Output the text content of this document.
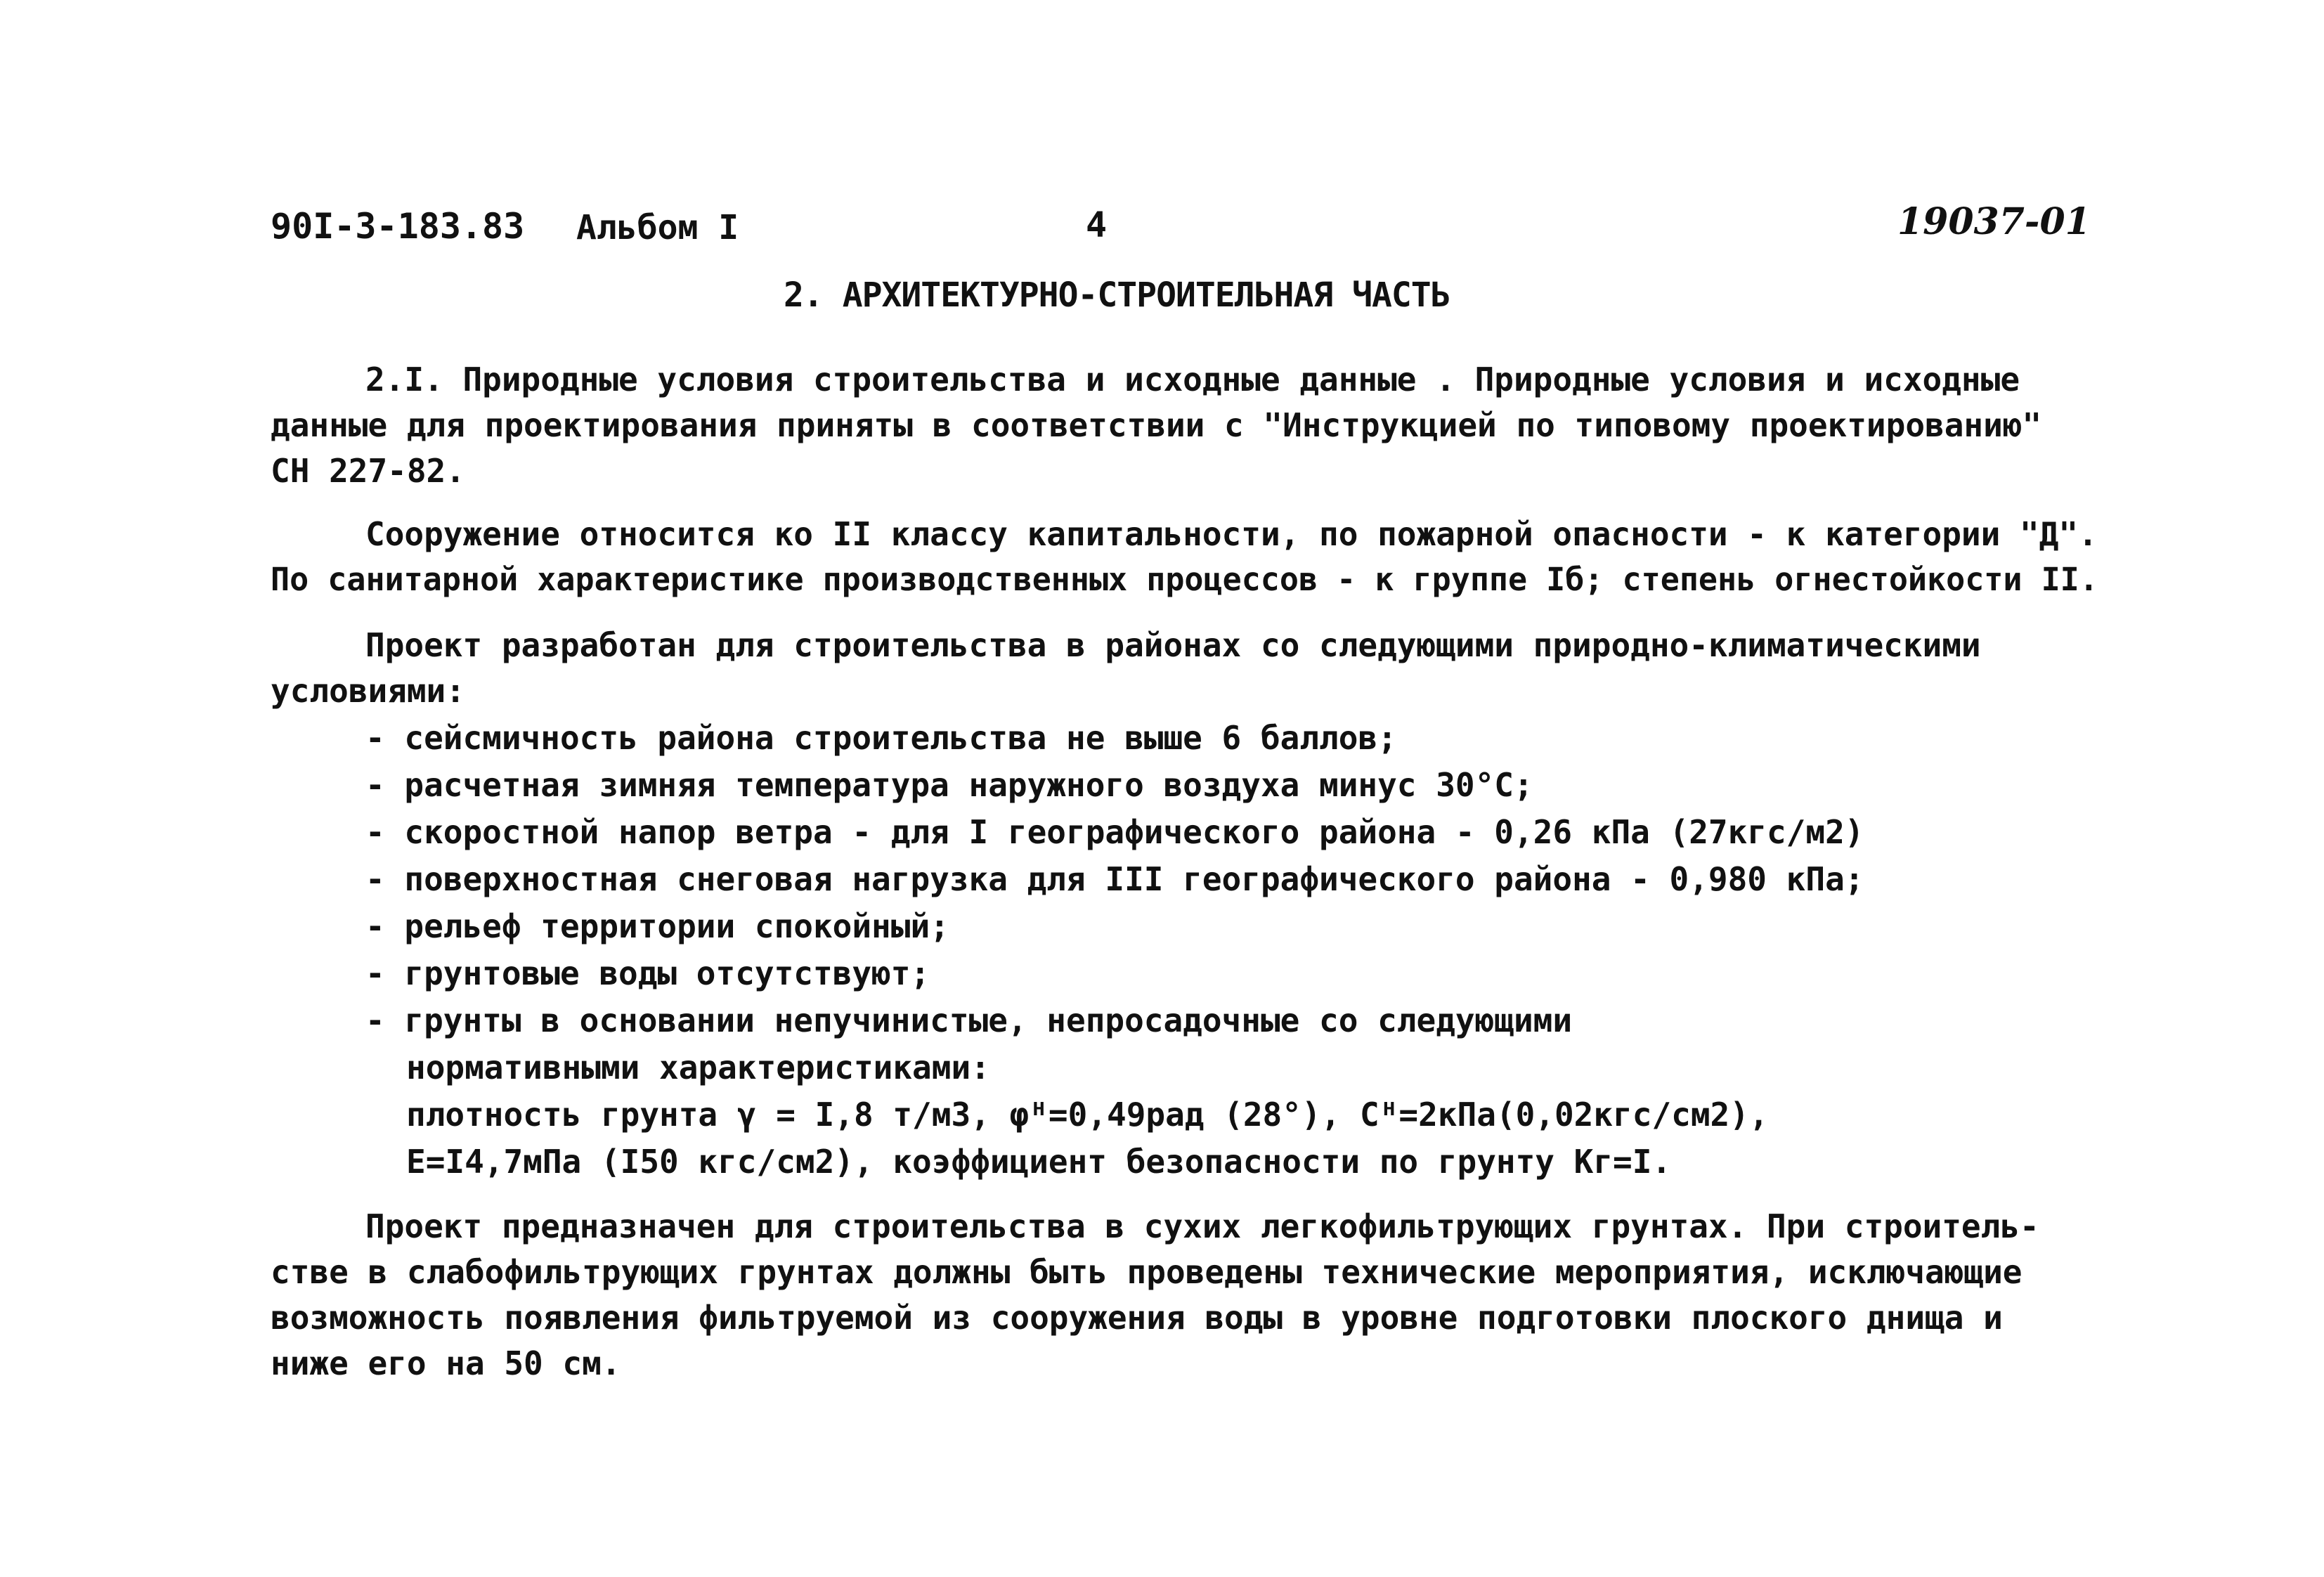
90I-3-183.83 Альбом I	4	19037-01
2. АРХИТЕКТУРНО-СТРОИТЕЛЬНАЯ ЧАСТЬ
2.I. Природные условия строительства и исходные данные . Природные условия и исходные
данные для проектирования приняты в соответствии с "Инструкцией по типовому проектированию"
СН 227-82.
Сооружение относится ко II классу капитальности, по пожарной опасности - к категории "Д".
По санитарной характеристике производственных процессов - к группе Iб; степень огнестойкости II.
Проект разработан для строительства в районах со следующими природно-климатическими
условиями:
- сейсмичность района строительства не выше 6 баллов;
- расчетная зимняя температура наружного воздуха минус 30°С;
- скоростной напор ветра - для I географического района - 0,26 кПа (27кгс/м2)
- поверхностная снеговая нагрузка для III географического района - 0,980 кПа;
- рельеф территории спокойный;
- грунтовые воды отсутствуют;
- грунты в основании непучинистые, непросадочные со следующими
нормативными характеристиками:
плотность грунта γ = I,8 т/м3, φᴴ=0,49рад (28°), Сᴴ=2кПа(0,02кгс/см2),
Е=I4,7мПа (I50 кгс/см2), коэффициент безопасности по грунту Кг=I.
Проект предназначен для строительства в сухих легкофильтрующих грунтах. При строитель-
стве в слабофильтрующих грунтах должны быть проведены технические мероприятия, исключающие
возможность появления фильтруемой из сооружения воды в уровне подготовки плоского днища и
ниже его на 50 см.
